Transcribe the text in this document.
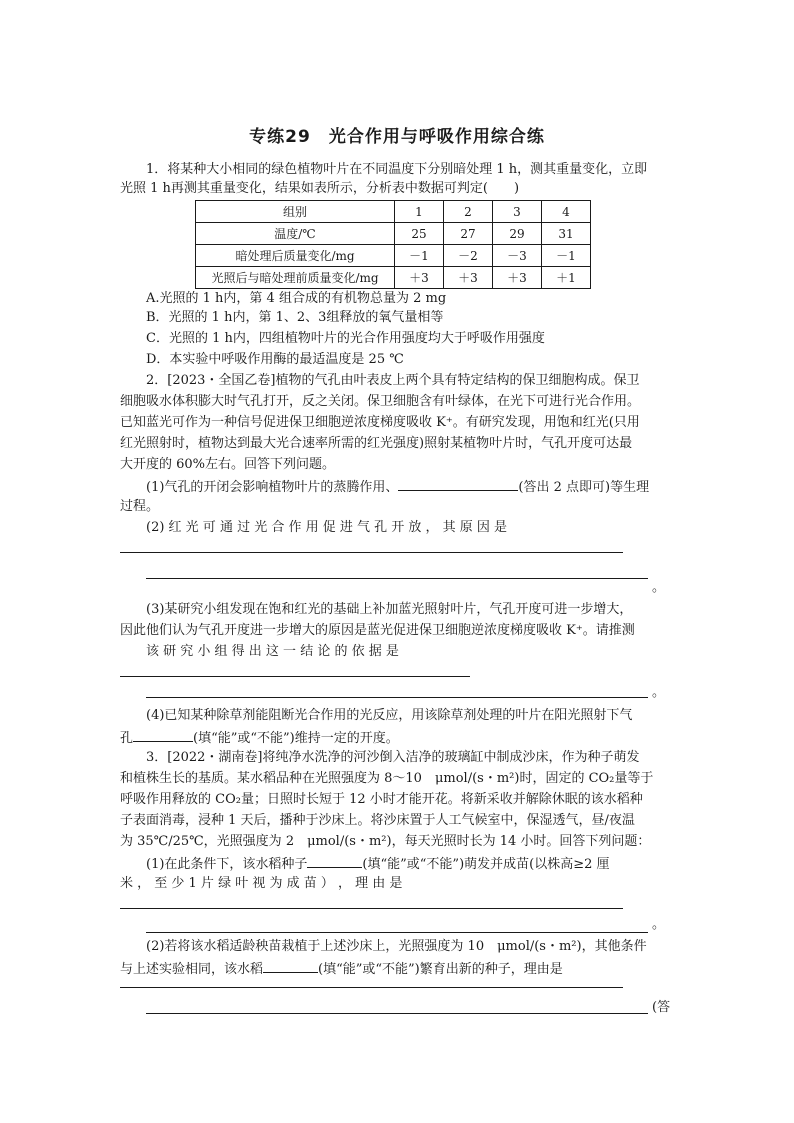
专练29　光合作用与呼吸作用综合练
1．将某种大小相同的绿色植物叶片在不同温度下分别暗处理 1 h，测其重量变化，立即
光照 1 h再测其重量变化，结果如表所示，分析表中数据可判定(　　)
组别	1	2	3	4
温度/℃	25	27	29	31
暗处理后质量变化/mg	－1	－2	－3	－1
光照后与暗处理前质量变化/mg	＋3	＋3	＋3	＋1
A.光照的 1 h内，第 4 组合成的有机物总量为 2 mg
B．光照的 1 h内，第 1、2、3组释放的氧气量相等
C．光照的 1 h内，四组植物叶片的光合作用强度均大于呼吸作用强度
D．本实验中呼吸作用酶的最适温度是 25 ℃
2．[2023・全国乙卷]植物的气孔由叶表皮上两个具有特定结构的保卫细胞构成。保卫
细胞吸水体积膨大时气孔打开，反之关闭。保卫细胞含有叶绿体，在光下可进行光合作用。
已知蓝光可作为一种信号促进保卫细胞逆浓度梯度吸收 K⁺。有研究发现，用饱和红光(只用
红光照射时，植物达到最大光合速率所需的红光强度)照射某植物叶片时，气孔开度可达最
大开度的 60%左右。回答下列问题。
(1)气孔的开闭会影响植物叶片的蒸腾作用、	(答出 2 点即可)等生理
过程。
(2) 红 光 可 通 过 光 合 作 用 促 进 气 孔 开 放 ， 其 原 因 是
。
(3)某研究小组发现在饱和红光的基础上补加蓝光照射叶片，气孔开度可进一步增大，
因此他们认为气孔开度进一步增大的原因是蓝光促进保卫细胞逆浓度梯度吸收 K⁺。请推测
该 研 究 小 组 得 出 这 一 结 论 的 依 据 是
。
(4)已知某种除草剂能阻断光合作用的光反应，用该除草剂处理的叶片在阳光照射下气
孔	(填“能”或“不能”)维持一定的开度。
3．[2022・湖南卷]将纯净水洗净的河沙倒入洁净的玻璃缸中制成沙床，作为种子萌发
和植株生长的基质。某水稻品种在光照强度为 8～10　μmol/(s・m²)时，固定的 CO₂量等于
呼吸作用释放的 CO₂量；日照时长短于 12 小时才能开花。将新采收并解除休眠的该水稻种
子表面消毒，浸种 1 天后，播种于沙床上。将沙床置于人工气候室中，保湿透气，昼/夜温
为 35℃/25℃，光照强度为 2　μmol/(s・m²)，每天光照时长为 14 小时。回答下列问题：
(1)在此条件下，该水稻种子	(填“能”或“不能”)萌发并成苗(以株高≥2 厘
米 ， 至 少 1 片 绿 叶 视 为 成 苗 ） ， 理 由 是
。
(2)若将该水稻适龄秧苗栽植于上述沙床上，光照强度为 10　μmol/(s・m²)，其他条件
与上述实验相同，该水稻	(填“能”或“不能”)繁育出新的种子，理由是
(答
